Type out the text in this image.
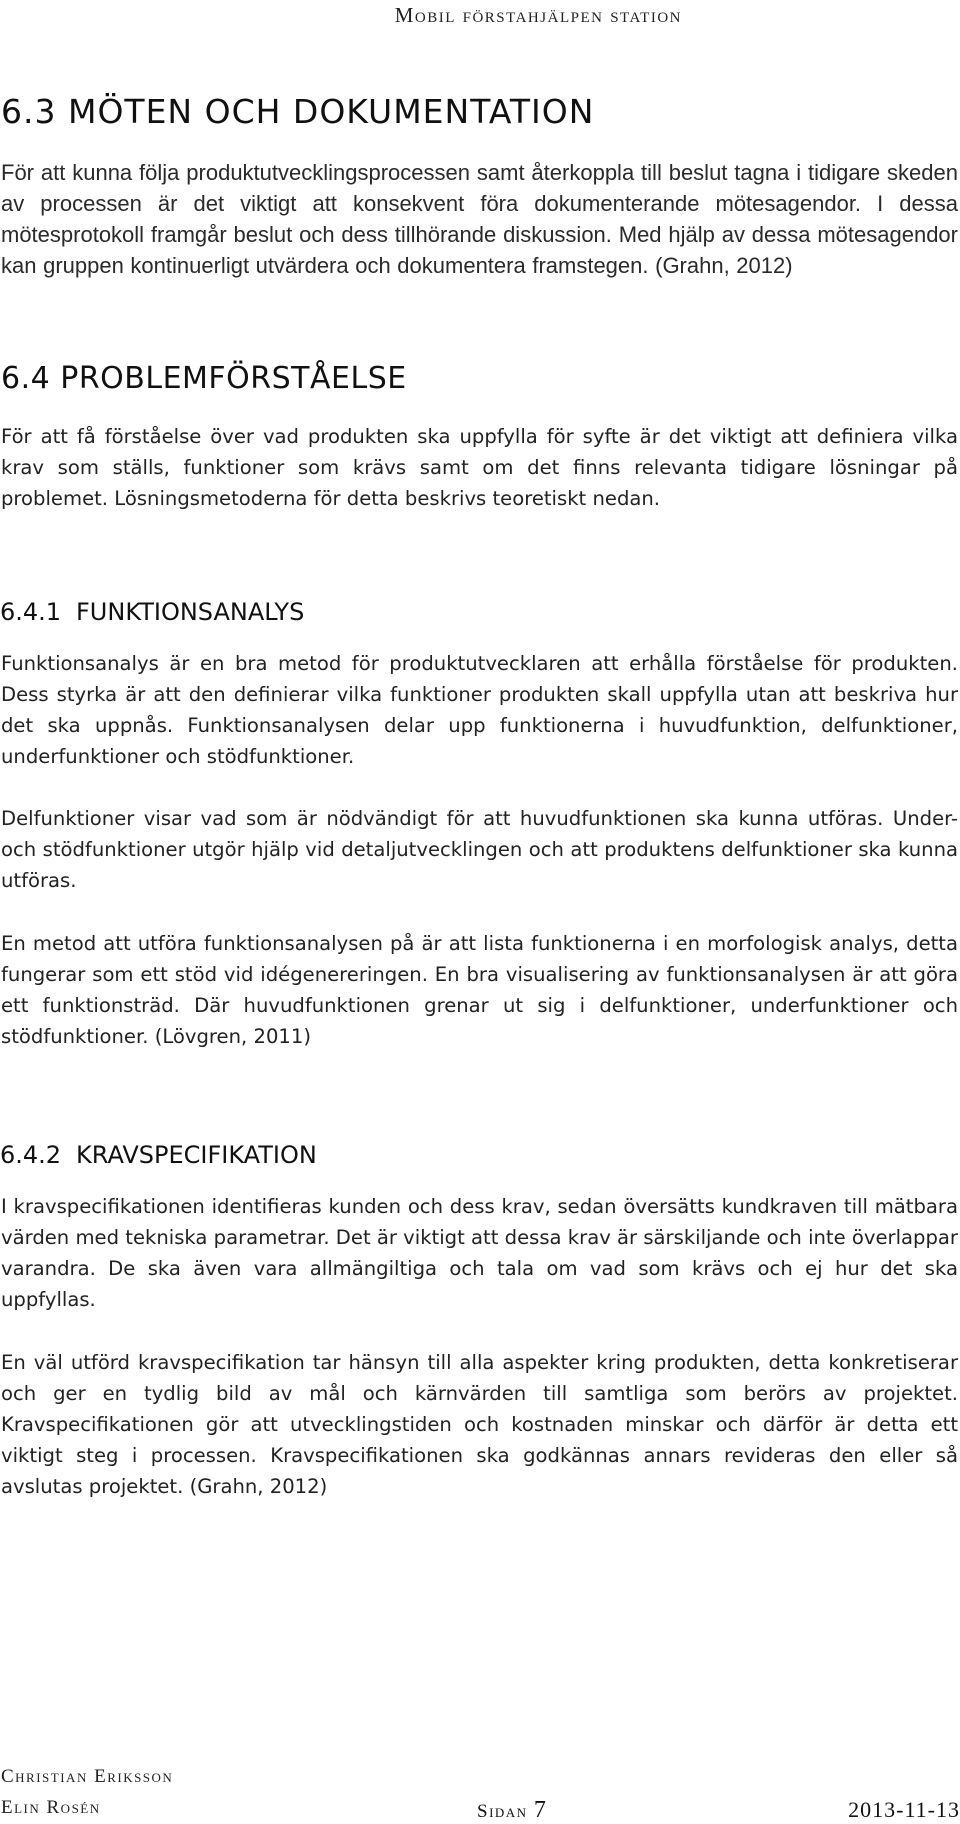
Mobil förstahjälpen station
6.3 MÖTEN OCH DOKUMENTATION

För att kunna följa produktutvecklingsprocessen samt återkoppla till beslut tagna i tidigare skeden av processen är det viktigt att konsekvent föra dokumenterande mötesagendor. I dessa mötesprotokoll framgår beslut och dess tillhörande diskussion. Med hjälp av dessa mötesagendor kan gruppen kontinuerligt utvärdera och dokumentera framstegen. (Grahn, 2012)

6.4 PROBLEMFÖRSTÅELSE

För att få förståelse över vad produkten ska uppfylla för syfte är det viktigt att definiera vilka krav som ställs, funktioner som krävs samt om det finns relevanta tidigare lösningar på problemet. Lösningsmetoderna för detta beskrivs teoretiskt nedan.

6.4.1 FUNKTIONSANALYS

Funktionsanalys är en bra metod för produktutvecklaren att erhålla förståelse för produkten. Dess styrka är att den definierar vilka funktioner produkten skall uppfylla utan att beskriva hur det ska uppnås. Funktionsanalysen delar upp funktionerna i huvudfunktion, delfunktioner, underfunktioner och stödfunktioner.

Delfunktioner visar vad som är nödvändigt för att huvudfunktionen ska kunna utföras. Under- och stödfunktioner utgör hjälp vid detaljutvecklingen och att produktens delfunktioner ska kunna utföras.

En metod att utföra funktionsanalysen på är att lista funktionerna i en morfologisk analys, detta fungerar som ett stöd vid idégenereringen. En bra visualisering av funktionsanalysen är att göra ett funktionsträd. Där huvudfunktionen grenar ut sig i delfunktioner, underfunktioner och stödfunktioner. (Lövgren, 2011)

6.4.2 KRAVSPECIFIKATION

I kravspecifikationen identifieras kunden och dess krav, sedan översätts kundkraven till mätbara värden med tekniska parametrar. Det är viktigt att dessa krav är särskiljande och inte överlappar varandra. De ska även vara allmängiltiga och tala om vad som krävs och ej hur det ska uppfyllas.

En väl utförd kravspecifikation tar hänsyn till alla aspekter kring produkten, detta konkretiserar och ger en tydlig bild av mål och kärnvärden till samtliga som berörs av projektet. Kravspecifikationen gör att utvecklingstiden och kostnaden minskar och därför är detta ett viktigt steg i processen. Kravspecifikationen ska godkännas annars revideras den eller så avslutas projektet. (Grahn, 2012)

Christian Eriksson
Elin Rosén	Sidan 7	2013-11-13
